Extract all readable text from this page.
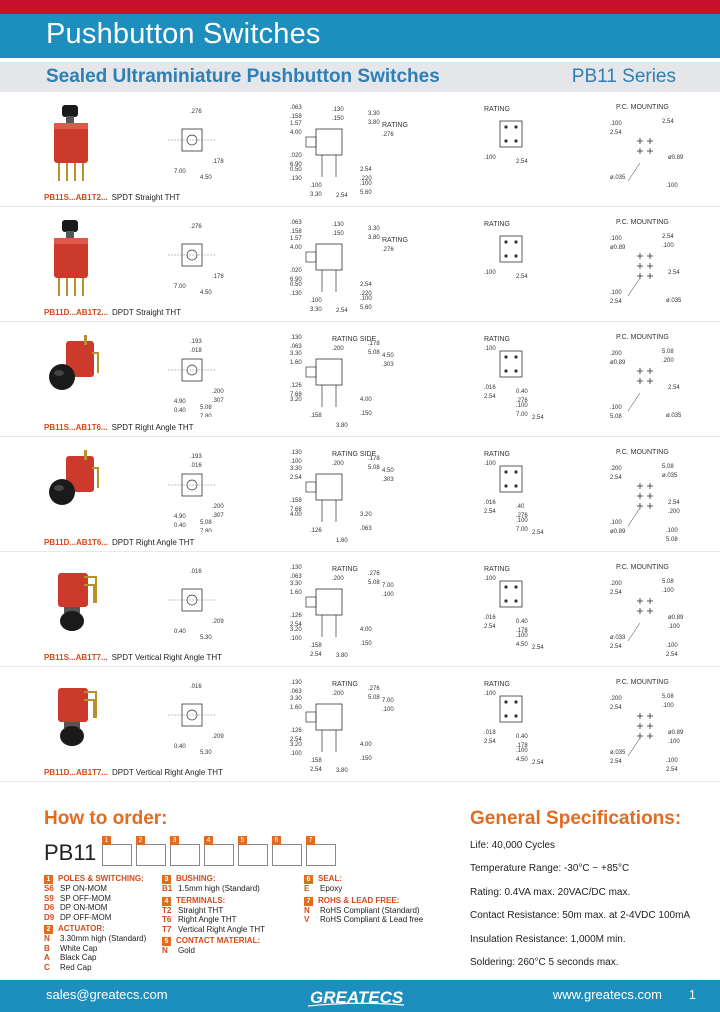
Pushbutton Switches
Sealed Ultraminiature Pushbutton Switches	PB11 Series
.276
7.00
.178
4.50
.063
1.57
.130
3.30
RATING
.020
0.50
.100
2.54
.100
2.54
.158
4.00
.150
3.80
.276
6.90
.130
3.30
.220
5.60
RATING
.100
2.54
P.C. MOUNTING
.100	2.54
ø.035
ø0.89
.100
2.54
PB11S...AB1T2... SPDT Straight THT
.276
7.00
.178
4.50
.063
1.57
.130
3.30
RATING
.020
0.50
.100
2.54
.100
2.54
.158
4.00
.150
3.80
.276
6.90
.130
3.30
.220
5.60
RATING
.100
2.54
P.C. MOUNTING
.100	2.54
.100
2.54
ø.035
ø0.89	.100
2.54
PB11D...AB1T2... DPDT Straight THT
.193
4.90
.200
5.08
.018
0.40
.307
7.80
.130
3.30
RATING SIDE
.178
4.50
.126
3.20
.158
4.00
.150
3.80
.063
1.60
.200
5.08
.303
7.68
RATING
.016
0.40
.100
2.54
.100
2.54
.276
7.00
P.C. MOUNTING
.200	5.08
.100
2.54
ø.035
ø0.89	.200
5.08
PB11S...AB1T6... SPDT Right Angle THT
.193
4.90
.200
5.08
.016
0.40
.307
7.80
.130
3.30
RATING SIDE
.178
4.50
.158
4.00
.126
3.20
.063
1.60
.100
2.54
.200
5.08
.303
7.68
RATING
.016
.40
.100
2.54
.100
2.54
.276
7.00
P.C. MOUNTING
.200	5.08
.100
2.54
.100
2.54	ø.035
ø0.89
.200
5.08
PB11D...AB1T6... DPDT Right Angle THT
.016
0.40
.209
5.30
.130
3.30
RATING
.276
7.00
.126
3.20
.158
4.00
.150
3.80
.063
1.60
.200
5.08
.100
2.54
.100
2.54
RATING
.016
0.40
.100
2.54
.100
2.54
.178
4.50
P.C. MOUNTING
.200	5.08
ø.033
ø0.89
.100
2.54	.100
2.54
.100
2.54
PB11S...AB1T7... SPDT Vertical Right Angle THT
.016
0.40
.209
5.30
.130
3.30
RATING
.276
7.00
.126
3.20
.158
4.00
.150
3.80
.063
1.60
.200
5.08
.100
2.54
.100
2.54
RATING
.018
0.40
.100
2.54
.100
2.54
.178
4.50
P.C. MOUNTING
.200	5.08
ø.035
ø0.89
.100
2.54	.100
2.54
.100
2.54
PB11D...AB1T7... DPDT Vertical Right Angle THT
How to order:
PB11	1	2	3	4	5	6	7
1 POLES & SWITCHING:
S6 SP ON-MOM
S9 SP OFF-MOM
D6 DP ON-MOM
D9 DP OFF-MOM
2 ACTUATOR:
N	3.30mm high (Standard)
B	White Cap
A	Black Cap
C	Red Cap
3 BUSHING:
B1 1.5mm high (Standard)
4 TERMINALS:
T2 Straight THT
T6 Right Angle THT
T7 Vertical Right Angle THT
5 CONTACT MATERIAL:
N	Gold
6 SEAL:
E	Epoxy
7 ROHS & LEAD FREE:
N	RoHS Compliant (Standard)
V	RoHS Compliant & Lead free
General Specifications:
Life: 40,000 Cycles
Temperature Range: -30°C ~ +85°C
Rating: 0.4VA max. 20VAC/DC max.
Contact Resistance: 50m max. at 2-4VDC 100mA
Insulation Resistance: 1,000M min.
Soldering: 260°C 5 seconds max.
sales@greatecs.com	GREATECS	www.greatecs.com 1
